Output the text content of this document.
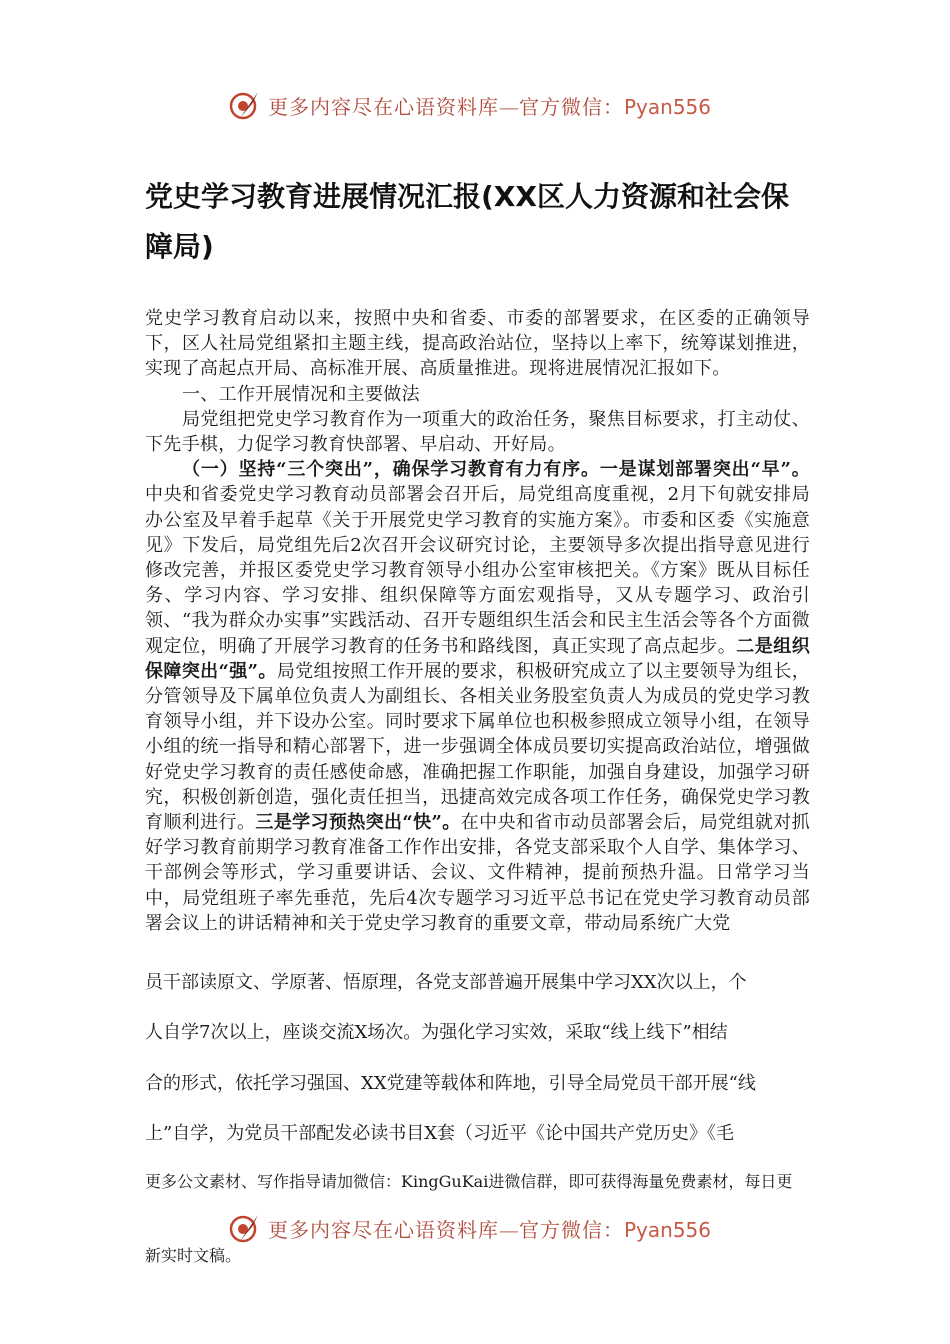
更多内容尽在心语资料库—官方微信：Pyan556
党史学习教育进展情况汇报(XX区人力资源和社会保障局)

党史学习教育启动以来，按照中央和省委、市委的部署要求，在区委的正确领导下，区人社局党组紧扣主题主线，提高政治站位，坚持以上率下，统筹谋划推进，实现了高起点开局、高标准开展、高质量推进。现将进展情况汇报如下。

一、工作开展情况和主要做法

局党组把党史学习教育作为一项重大的政治任务，聚焦目标要求，打主动仗、下先手棋，力促学习教育快部署、早启动、开好局。

（一）坚持“三个突出”，确保学习教育有力有序。一是谋划部署突出“早”。中央和省委党史学习教育动员部署会召开后，局党组高度重视，2月下旬就安排局办公室及早着手起草《关于开展党史学习教育的实施方案》。市委和区委《实施意见》下发后，局党组先后2次召开会议研究讨论，主要领导多次提出指导意见进行修改完善，并报区委党史学习教育领导小组办公室审核把关。《方案》既从目标任务、学习内容、学习安排、组织保障等方面宏观指导，又从专题学习、政治引领、“我为群众办实事”实践活动、召开专题组织生活会和民主生活会等各个方面微观定位，明确了开展学习教育的任务书和路线图，真正实现了高点起步。二是组织保障突出“强”。局党组按照工作开展的要求，积极研究成立了以主要领导为组长，分管领导及下属单位负责人为副组长、各相关业务股室负责人为成员的党史学习教育领导小组，并下设办公室。同时要求下属单位也积极参照成立领导小组，在领导小组的统一指导和精心部署下，进一步强调全体成员要切实提高政治站位，增强做好党史学习教育的责任感使命感，准确把握工作职能，加强自身建设，加强学习研究，积极创新创造，强化责任担当，迅捷高效完成各项工作任务，确保党史学习教育顺利进行。三是学习预热突出“快”。在中央和省市动员部署会后，局党组就对抓好学习教育前期学习教育准备工作作出安排，各党支部采取个人自学、集体学习、干部例会等形式，学习重要讲话、会议、文件精神，提前预热升温。日常学习当中，局党组班子率先垂范，先后4次专题学习习近平总书记在党史学习教育动员部署会议上的讲话精神和关于党史学习教育的重要文章，带动局系统广大党

员干部读原文、学原著、悟原理，各党支部普遍开展集中学习XX次以上，个
人自学7次以上，座谈交流X场次。为强化学习实效，采取“线上线下”相结
合的形式，依托学习强国、XX党建等载体和阵地，引导全局党员干部开展“线
上”自学，为党员干部配发必读书目X套（习近平《论中国共产党历史》《毛
更多公文素材、写作指导请加微信：KingGuKai进微信群，即可获得海量免费素材，每日更
更多内容尽在心语资料库—官方微信：Pyan556
新实时文稿。
